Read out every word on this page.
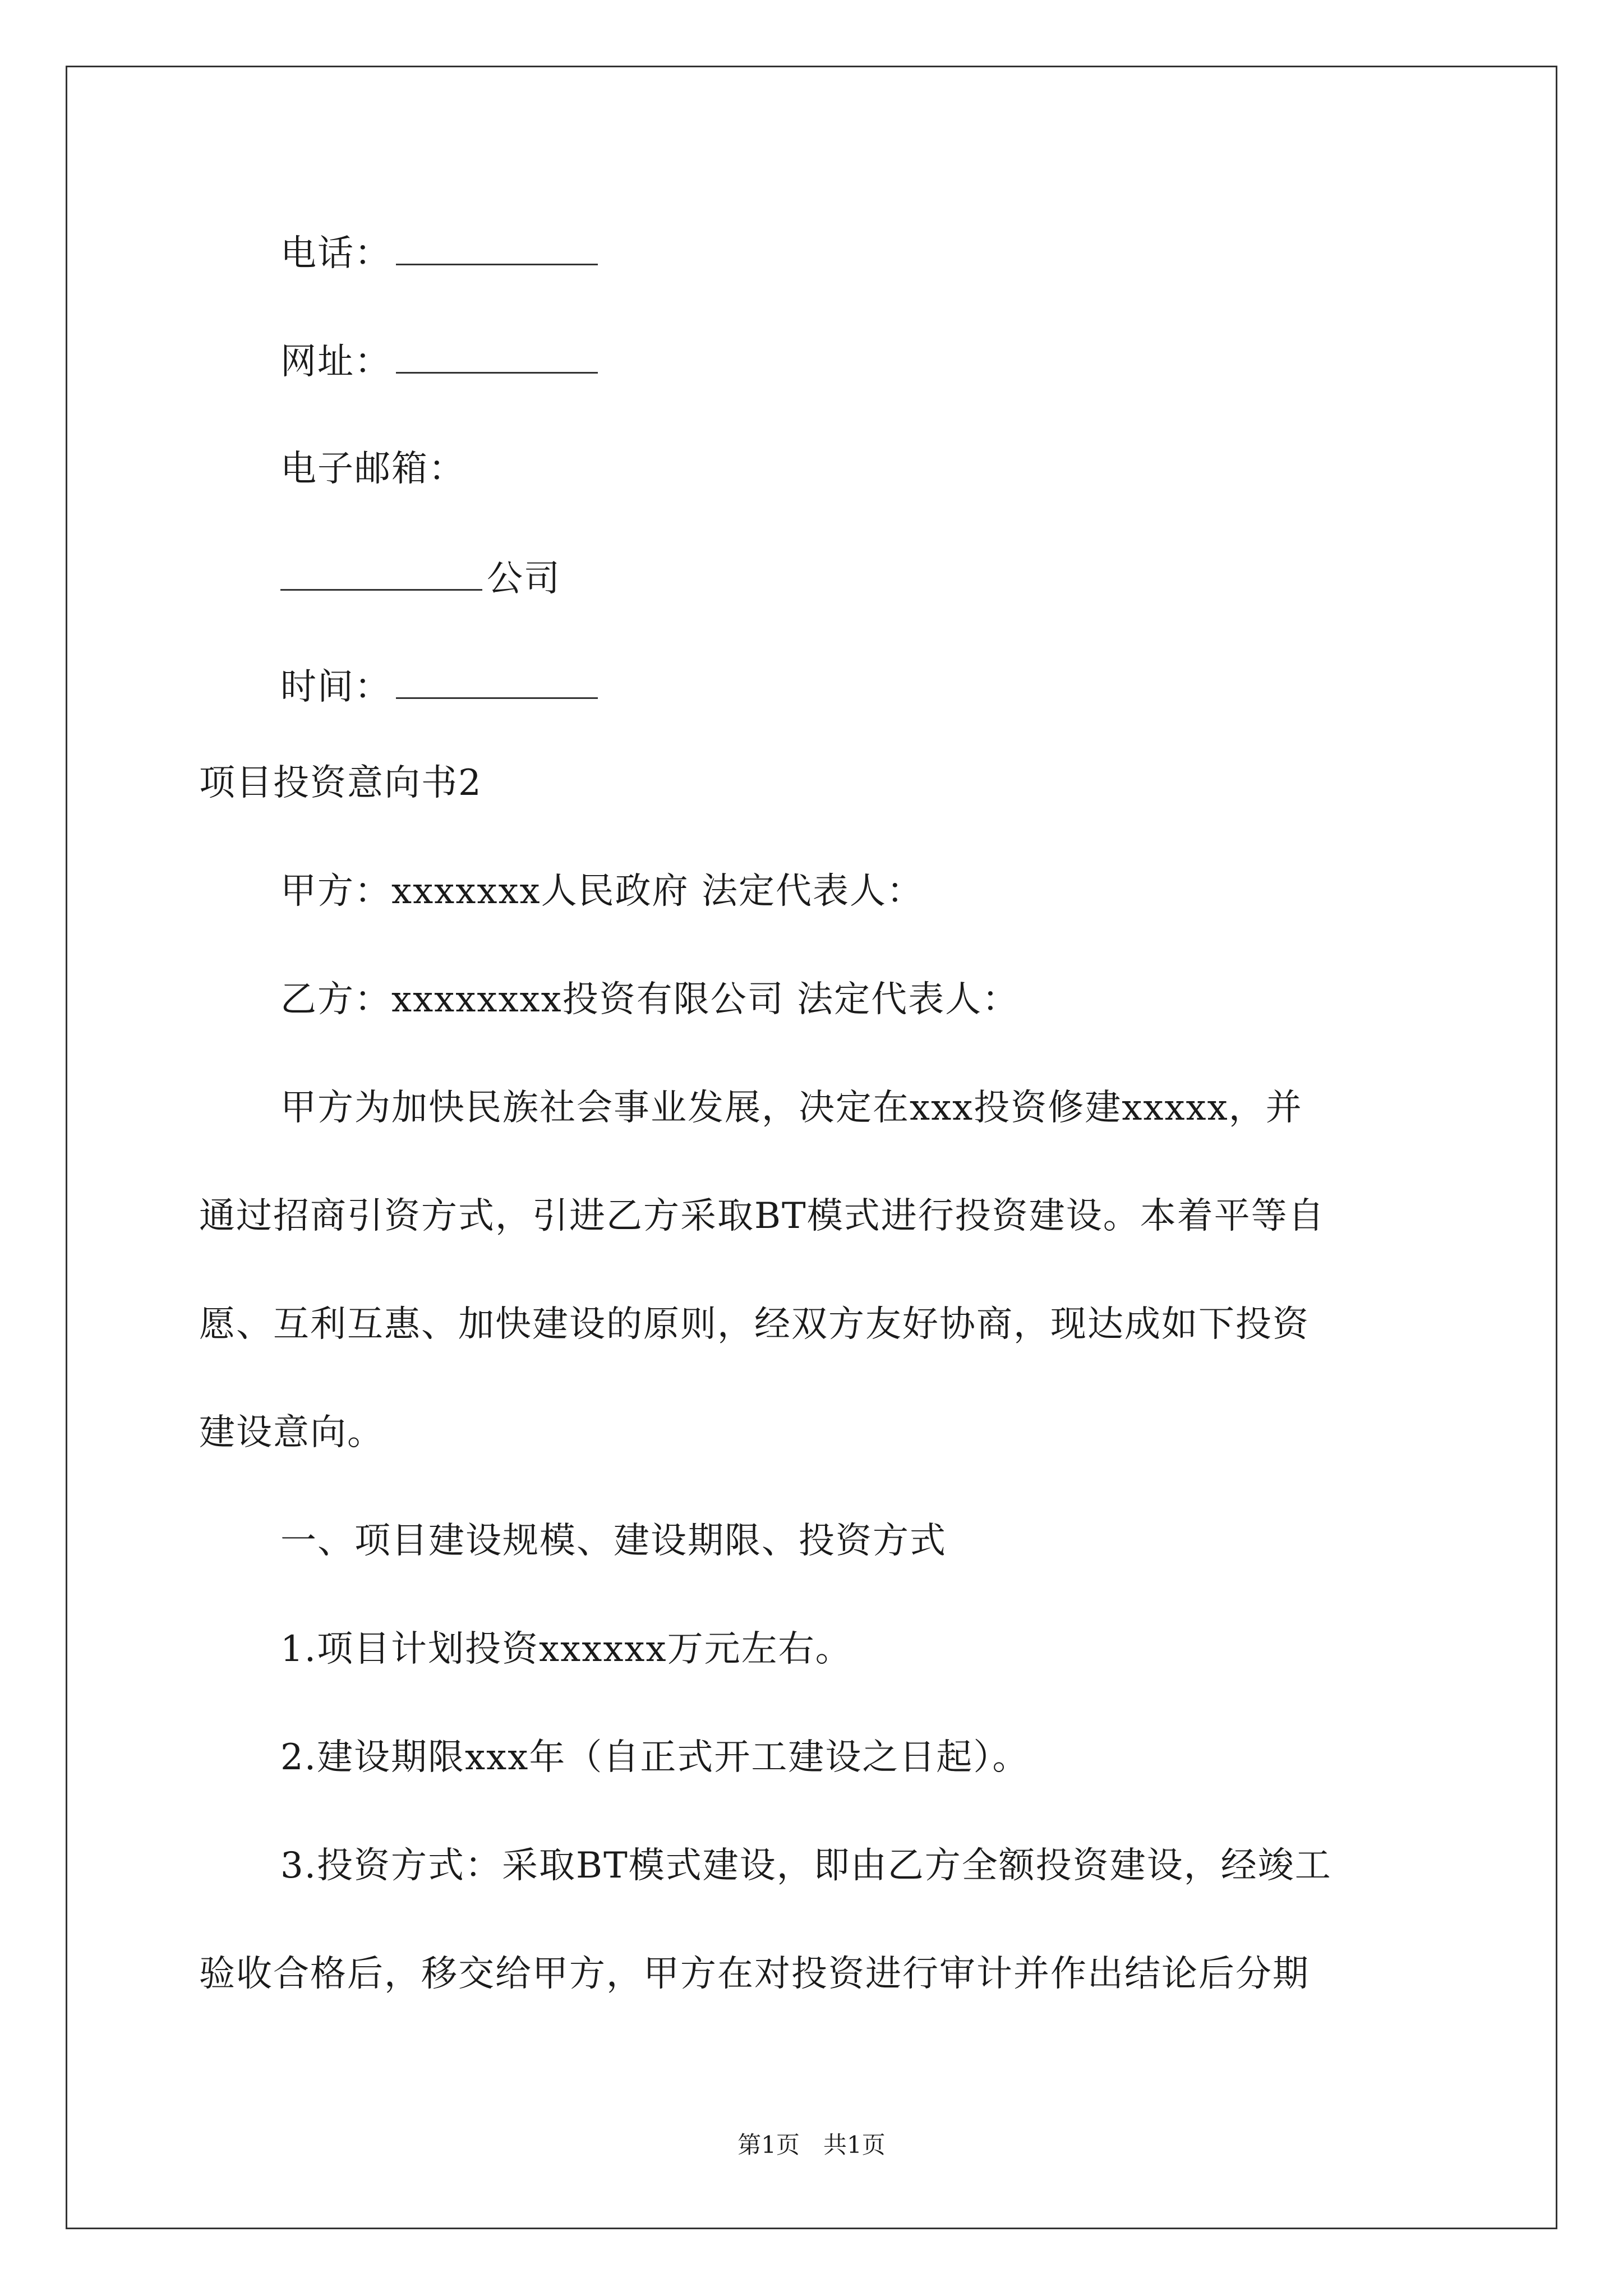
电话：
网址：
电子邮箱：
公司
时间：
项目投资意向书2
甲方：xxxxxxx人民政府 法定代表人：
乙方：xxxxxxxx投资有限公司 法定代表人：
甲方为加快民族社会事业发展，决定在xxx投资修建xxxxx，并
通过招商引资方式，引进乙方采取BT模式进行投资建设。本着平等自
愿、互利互惠、加快建设的原则，经双方友好协商，现达成如下投资
建设意向。
一、项目建设规模、建设期限、投资方式
1.项目计划投资xxxxxx万元左右。
2.建设期限xxx年（自正式开工建设之日起）。
3.投资方式：采取BT模式建设，即由乙方全额投资建设，经竣工
验收合格后，移交给甲方，甲方在对投资进行审计并作出结论后分期
第1页　共1页
